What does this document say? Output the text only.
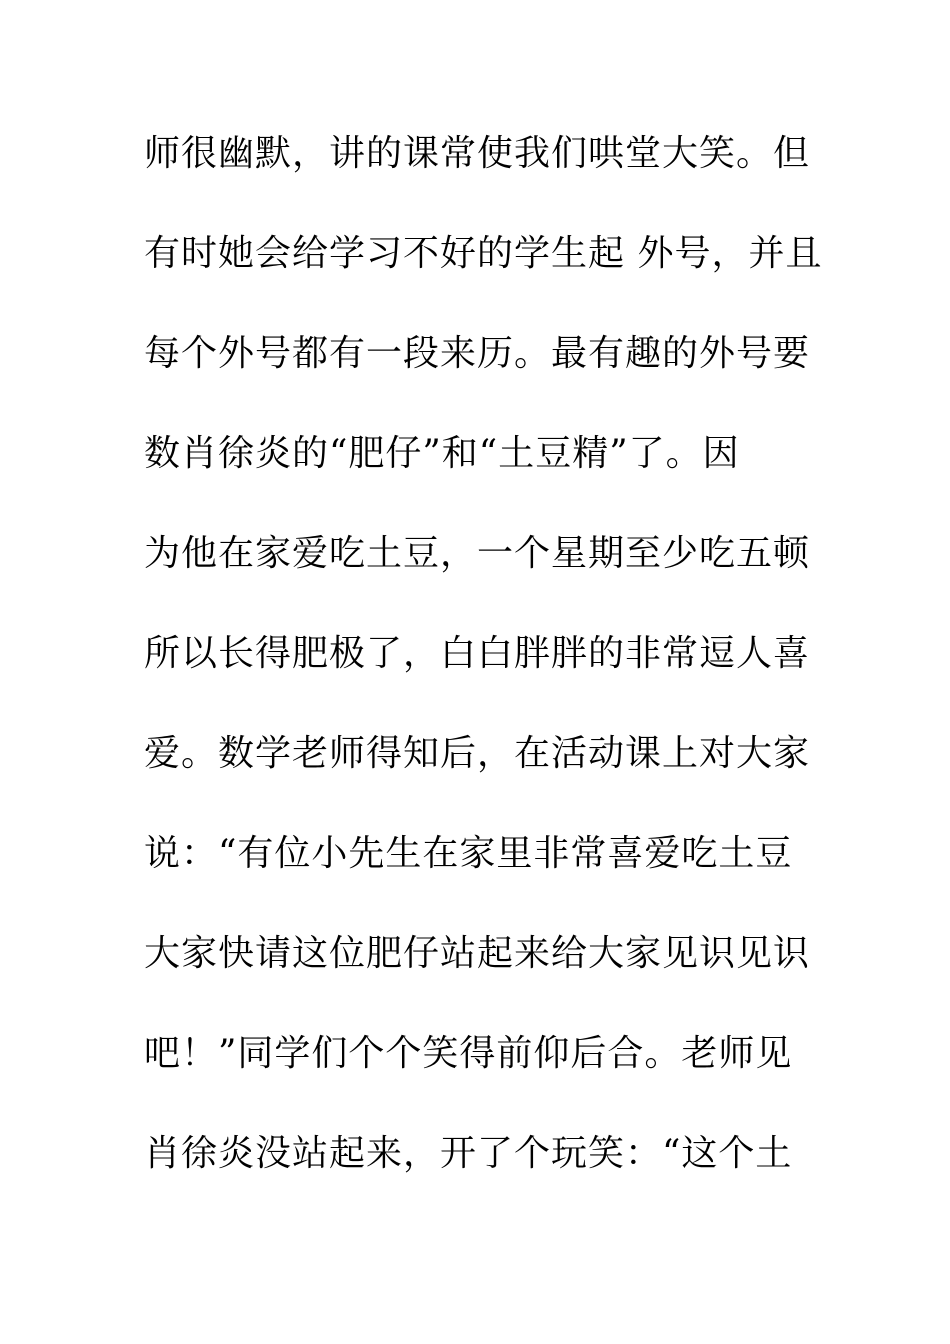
师很幽默，讲的课常使我们哄堂大笑。但
有时她会给学习不好的学生起 外号，并且
每个外号都有一段来历。最有趣的外号要
数肖徐炎的“肥仔”和“土豆精”了。因
为他在家爱吃土豆，一个星期至少吃五顿
所以长得肥极了，白白胖胖的非常逗人喜
爱。数学老师得知后，在活动课上对大家
说：“有位小先生在家里非常喜爱吃土豆
大家快请这位肥仔站起来给大家见识见识
吧！”同学们个个笑得前仰后合。老师见
肖徐炎没站起来，开了个玩笑：“这个土
